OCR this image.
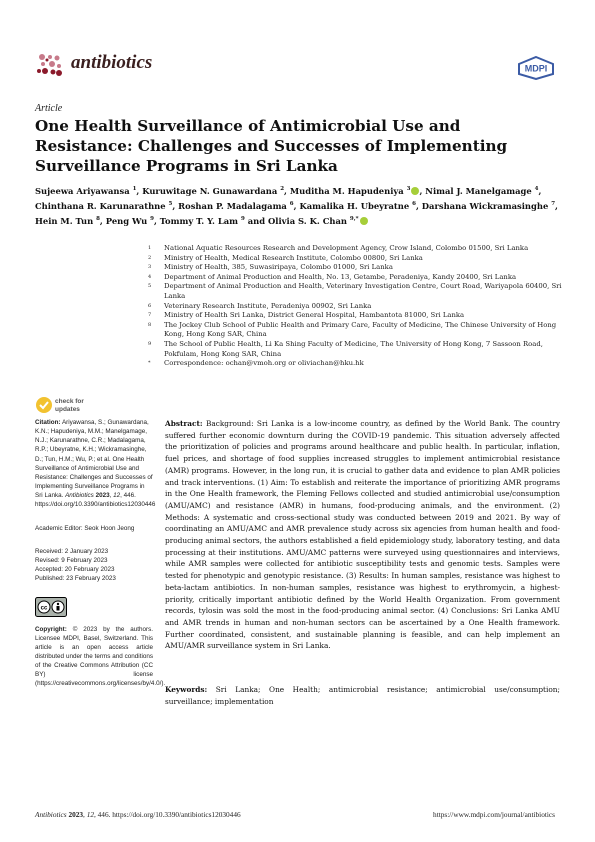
antibiotics	MDPI
Article
One Health Surveillance of Antimicrobial Use and Resistance: Challenges and Successes of Implementing Surveillance Programs in Sri Lanka
Sujeewa Ariyawansa $^1$, Kuruwitage N. Gunawardana $^2$, Muditha M. Hapudeniya $^3$ , Nimal J. Manelgamage $^4$, Chinthana R. Karunarathne $^5$, Roshan P. Madalagama $^6$, Kamalika H. Ubeyratne $^6$, Darshana Wickramasinghe $^7$, Hein M. Tun $^8$, Peng Wu $^9$, Tommy T. Y. Lam $^9$ and Olivia S. K. Chan $^{9,*}$
1	National Aquatic Resources Research and Development Agency, Crow Island, Colombo 01500, Sri Lanka
2	Ministry of Health, Medical Research Institute, Colombo 00800, Sri Lanka
3	Ministry of Health, 385, Suwasiripaya, Colombo 01000, Sri Lanka
4	Department of Animal Production and Health, No. 13, Getambe, Peradeniya, Kandy 20400, Sri Lanka
5	Department of Animal Production and Health, Veterinary Investigation Centre, Court Road, Wariyapola 60400, Sri Lanka
6	Veterinary Research Institute, Peradeniya 00902, Sri Lanka
7	Ministry of Health Sri Lanka, District General Hospital, Hambantota 81000, Sri Lanka
8	The Jockey Club School of Public Health and Primary Care, Faculty of Medicine, The Chinese University of Hong Kong, Hong Kong SAR, China
9	The School of Public Health, Li Ka Shing Faculty of Medicine, The University of Hong Kong, 7 Sassoon Road, Pokfulam, Hong Kong SAR, China
*	Correspondence: ochan@vmoh.org or oliviachan@hku.hk
check for
updates
Citation: Ariyawansa, S.; Gunawardana, K.N.; Hapudeniya, M.M.; Manelgamage, N.J.; Karunarathne, C.R.; Madalagama, R.P.; Ubeyratne, K.H.; Wickramasinghe, D.; Tun, H.M.; Wu, P.; et al. One Health Surveillance of Antimicrobial Use and Resistance: Challenges and Successes of Implementing Surveillance Programs in Sri Lanka. Antibiotics 2023, 12, 446. https://doi.org/10.3390/antibiotics12030446
Academic Editor: Seok Hoon Jeong
Received: 2 January 2023
Revised: 9 February 2023
Accepted: 20 February 2023
Published: 23 February 2023
cc
Copyright: © 2023 by the authors. Licensee MDPI, Basel, Switzerland. This article is an open access article distributed under the terms and conditions of the Creative Commons Attribution (CC BY) license (https://creativecommons.org/licenses/by/4.0/).

Abstract: Background: Sri Lanka is a low-income country, as defined by the World Bank. The country suffered further economic downturn during the COVID-19 pandemic. This situation adversely affected the prioritization of policies and programs around healthcare and public health. In particular, inflation, fuel prices, and shortage of food supplies increased struggles to implement antimicrobial resistance (AMR) programs. However, in the long run, it is crucial to gather data and evidence to plan AMR policies and track interventions. (1) Aim: To establish and reiterate the importance of prioritizing AMR programs in the One Health framework, the Fleming Fellows collected and studied antimicrobial use/consumption (AMU/AMC) and resistance (AMR) in humans, food-producing animals, and the environment. (2) Methods: A systematic and cross-sectional study was conducted between 2019 and 2021. By way of coordinating an AMU/AMC and AMR prevalence study across six agencies from human health and food-producing animal sectors, the authors established a field epidemiology study, laboratory testing, and data processing at their institutions. AMU/AMC patterns were surveyed using questionnaires and interviews, while AMR samples were collected for antibiotic susceptibility tests and genomic tests. Samples were tested for phenotypic and genotypic resistance. (3) Results: In human samples, resistance was highest to beta-lactam antibiotics. In non-human samples, resistance was highest to erythromycin, a highest-priority, critically important antibiotic defined by the World Health Organization. From government records, tylosin was sold the most in the food-producing animal sector. (4) Conclusions: Sri Lanka AMU and AMR trends in human and non-human sectors can be ascertained by a One Health framework. Further coordinated, consistent, and sustainable planning is feasible, and can help implement an AMU/AMR surveillance system in Sri Lanka.

Keywords: Sri Lanka; One Health; antimicrobial resistance; antimicrobial use/consumption; surveillance; implementation

Antibiotics 2023, 12, 446. https://doi.org/10.3390/antibiotics12030446	https://www.mdpi.com/journal/antibiotics
